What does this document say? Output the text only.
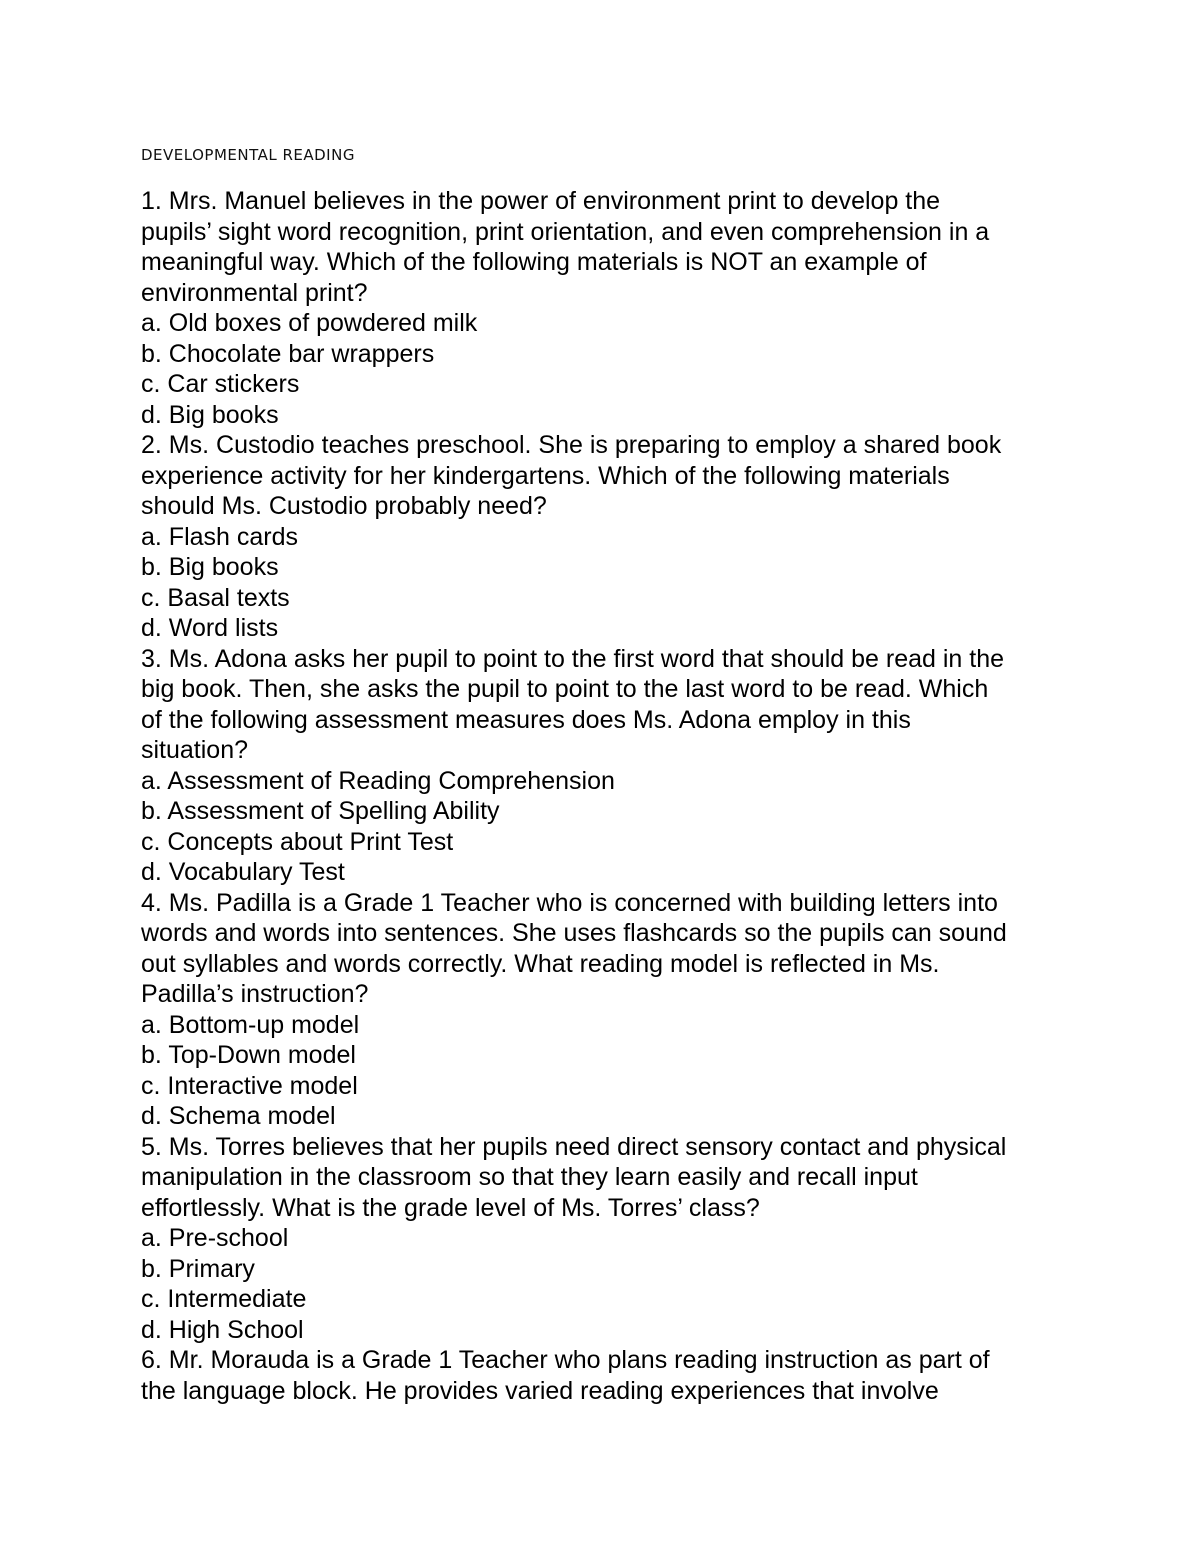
DEVELOPMENTAL READING
1. Mrs. Manuel believes in the power of environment print to develop the
pupils’ sight word recognition, print orientation, and even comprehension in a
meaningful way. Which of the following materials is NOT an example of
environmental print?
a. Old boxes of powdered milk
b. Chocolate bar wrappers
c. Car stickers
d. Big books
2. Ms. Custodio teaches preschool. She is preparing to employ a shared book
experience activity for her kindergartens. Which of the following materials
should Ms. Custodio probably need?
a. Flash cards
b. Big books
c. Basal texts
d. Word lists
3. Ms. Adona asks her pupil to point to the first word that should be read in the
big book. Then, she asks the pupil to point to the last word to be read. Which
of the following assessment measures does Ms. Adona employ in this
situation?
a. Assessment of Reading Comprehension
b. Assessment of Spelling Ability
c. Concepts about Print Test
d. Vocabulary Test
4. Ms. Padilla is a Grade 1 Teacher who is concerned with building letters into
words and words into sentences. She uses flashcards so the pupils can sound
out syllables and words correctly. What reading model is reflected in Ms.
Padilla’s instruction?
a. Bottom-up model
b. Top-Down model
c. Interactive model
d. Schema model
5. Ms. Torres believes that her pupils need direct sensory contact and physical
manipulation in the classroom so that they learn easily and recall input
effortlessly. What is the grade level of Ms. Torres’ class?
a. Pre-school
b. Primary
c. Intermediate
d. High School
6. Mr. Morauda is a Grade 1 Teacher who plans reading instruction as part of
the language block. He provides varied reading experiences that involve
